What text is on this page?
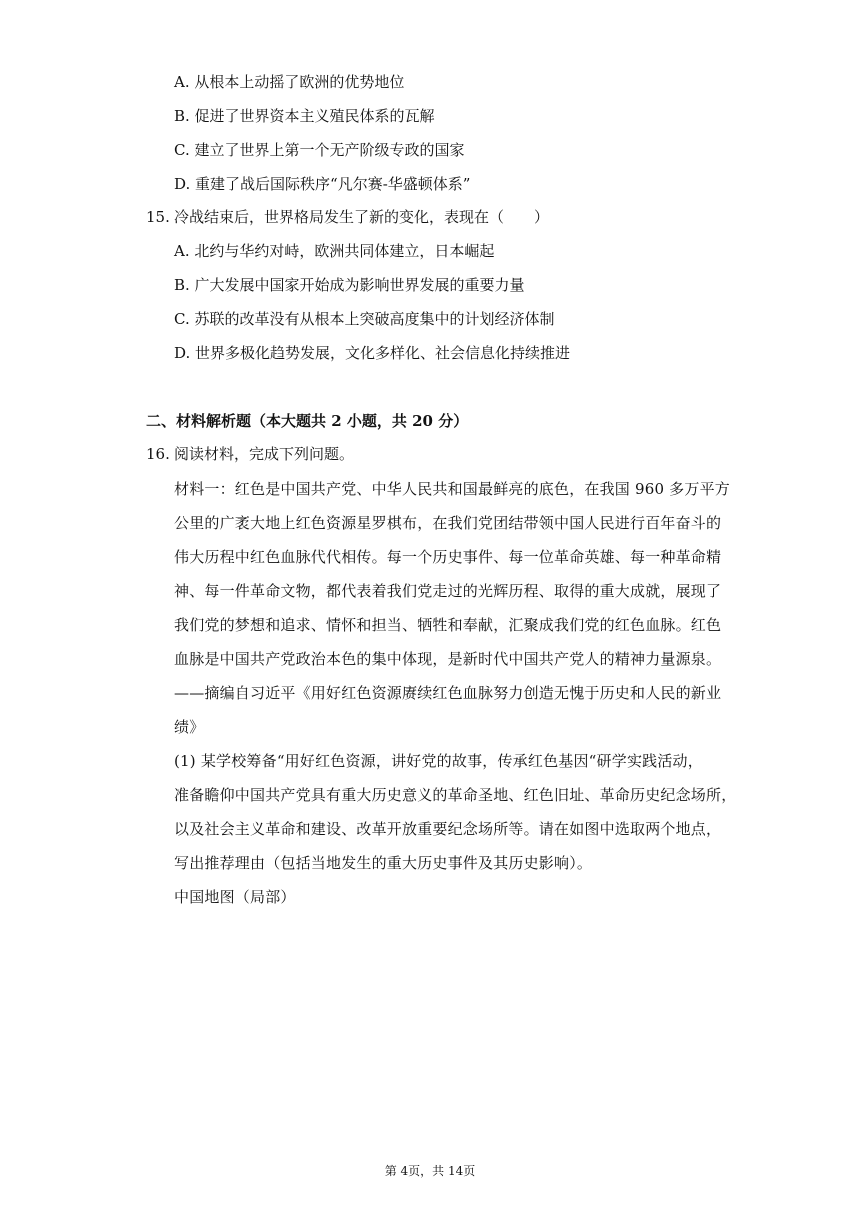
A. 从根本上动摇了欧洲的优势地位
B. 促进了世界资本主义殖民体系的瓦解
C. 建立了世界上第一个无产阶级专政的国家
D. 重建了战后国际秩序“凡尔赛-华盛顿体系”
15. 冷战结束后，世界格局发生了新的变化，表现在（　　）
A. 北约与华约对峙，欧洲共同体建立，日本崛起
B. 广大发展中国家开始成为影响世界发展的重要力量
C. 苏联的改革没有从根本上突破高度集中的计划经济体制
D. 世界多极化趋势发展，文化多样化、社会信息化持续推进
二、材料解析题（本大题共 2 小题，共 20 分）
16. 阅读材料，完成下列问题。
材料一：红色是中国共产党、中华人民共和国最鲜亮的底色，在我国 960 多万平方
公里的广袤大地上红色资源星罗棋布，在我们党团结带领中国人民进行百年奋斗的
伟大历程中红色血脉代代相传。每一个历史事件、每一位革命英雄、每一种革命精
神、每一件革命文物，都代表着我们党走过的光辉历程、取得的重大成就，展现了
我们党的梦想和追求、情怀和担当、牺牲和奉献，汇聚成我们党的红色血脉。红色
血脉是中国共产党政治本色的集中体现，是新时代中国共产党人的精神力量源泉。
——摘编自习近平《用好红色资源赓续红色血脉努力创造无愧于历史和人民的新业
绩》
(1) 某学校筹备“用好红色资源，讲好党的故事，传承红色基因“研学实践活动，
准备瞻仰中国共产党具有重大历史意义的革命圣地、红色旧址、革命历史纪念场所，
以及社会主义革命和建设、改革开放重要纪念场所等。请在如图中选取两个地点，
写出推荐理由（包括当地发生的重大历史事件及其历史影响）。
中国地图（局部）
第 4页，共 14页
